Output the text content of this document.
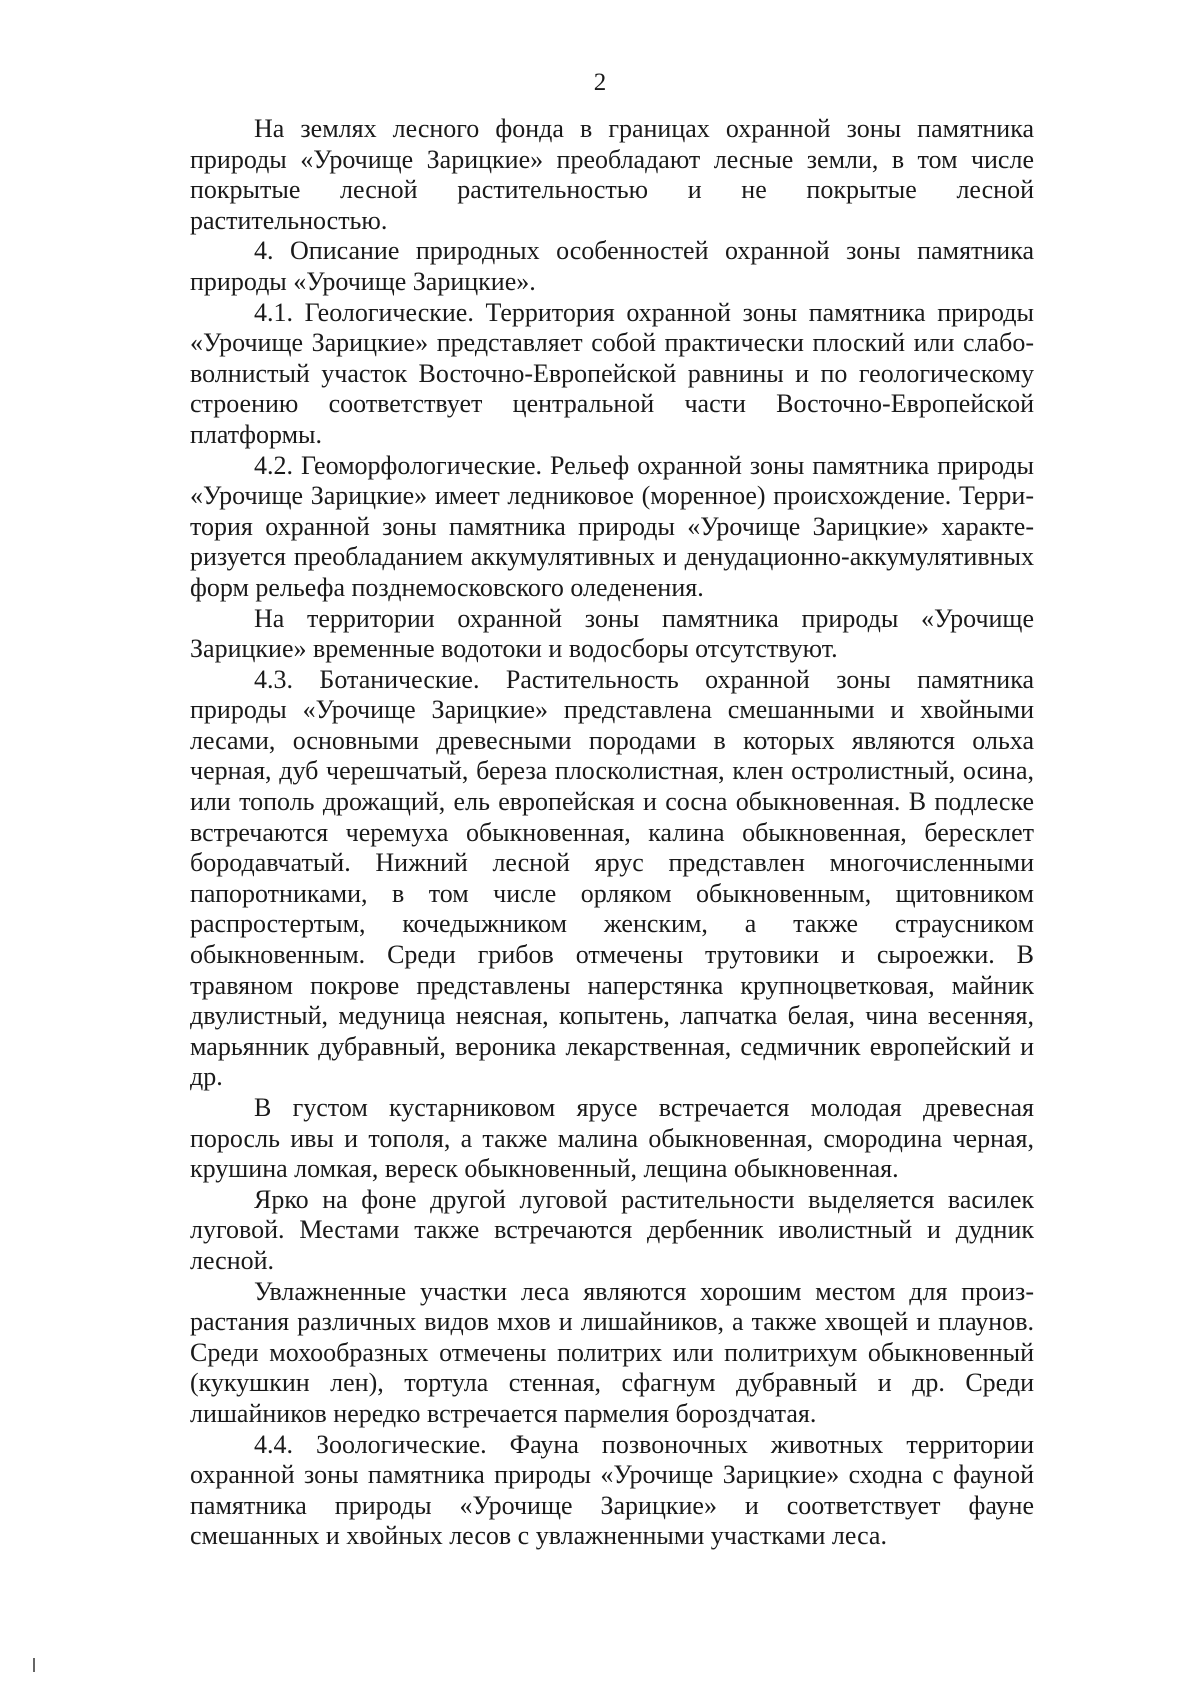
2

На землях лесного фонда в границах охранной зоны памятника природы «Урочище Зарицкие» преобладают лесные земли, в том числе покрытые лесной растительностью и не покрытые лесной растительностью.

4. Описание природных особенностей охранной зоны памятника природы «Урочище Зарицкие».

4.1. Геологические. Территория охранной зоны памятника природы «Урочище Зарицкие» представляет собой практически плоский или слабоволнистый участок Восточно-Европейской равнины и по геологическому строению соответствует центральной части Восточно-Европейской платформы.

4.2. Геоморфологические. Рельеф охранной зоны памятника природы «Урочище Зарицкие» имеет ледниковое (моренное) происхождение. Территория охранной зоны памятника природы «Урочище Зарицкие» характеризуется преобладанием аккумулятивных и денудационно-аккумулятивных форм рельефа позднемосковского оледенения.

На территории охранной зоны памятника природы «Урочище Зарицкие» временные водотоки и водосборы отсутствуют.

4.3. Ботанические. Растительность охранной зоны памятника природы «Урочище Зарицкие» представлена смешанными и хвойными лесами, основными древесными породами в которых являются ольха черная, дуб черешчатый, береза плосколистная, клен остролистный, осина, или тополь дрожащий, ель европейская и сосна обыкновенная. В подлеске встречаются черемуха обыкновенная, калина обыкновенная, бересклет бородавчатый. Нижний лесной ярус представлен многочисленными папоротниками, в том числе орляком обыкновенным, щитовником распростертым, кочедыжником женским, а также страусником обыкновенным. Среди грибов отмечены трутовики и сыроежки. В травяном покрове представлены наперстянка крупноцветковая, майник двулистный, медуница неясная, копытень, лапчатка белая, чина весенняя, марьянник дубравный, вероника лекарственная, седмичник европейский и др.

В густом кустарниковом ярусе встречается молодая древесная поросль ивы и тополя, а также малина обыкновенная, смородина черная, крушина ломкая, вереск обыкновенный, лещина обыкновенная.

Ярко на фоне другой луговой растительности выделяется василек луговой. Местами также встречаются дербенник иволистный и дудник лесной.

Увлажненные участки леса являются хорошим местом для произрастания различных видов мхов и лишайников, а также хвощей и плаунов. Среди мохообразных отмечены политрих или политрихум обыкновенный (кукушкин лен), тортула стенная, сфагнум дубравный и др. Среди лишайников нередко встречается пармелия бороздчатая.

4.4. Зоологические. Фауна позвоночных животных территории охранной зоны памятника природы «Урочище Зарицкие» сходна с фауной памятника природы «Урочище Зарицкие» и соответствует фауне смешанных и хвойных лесов с увлажненными участками леса.
